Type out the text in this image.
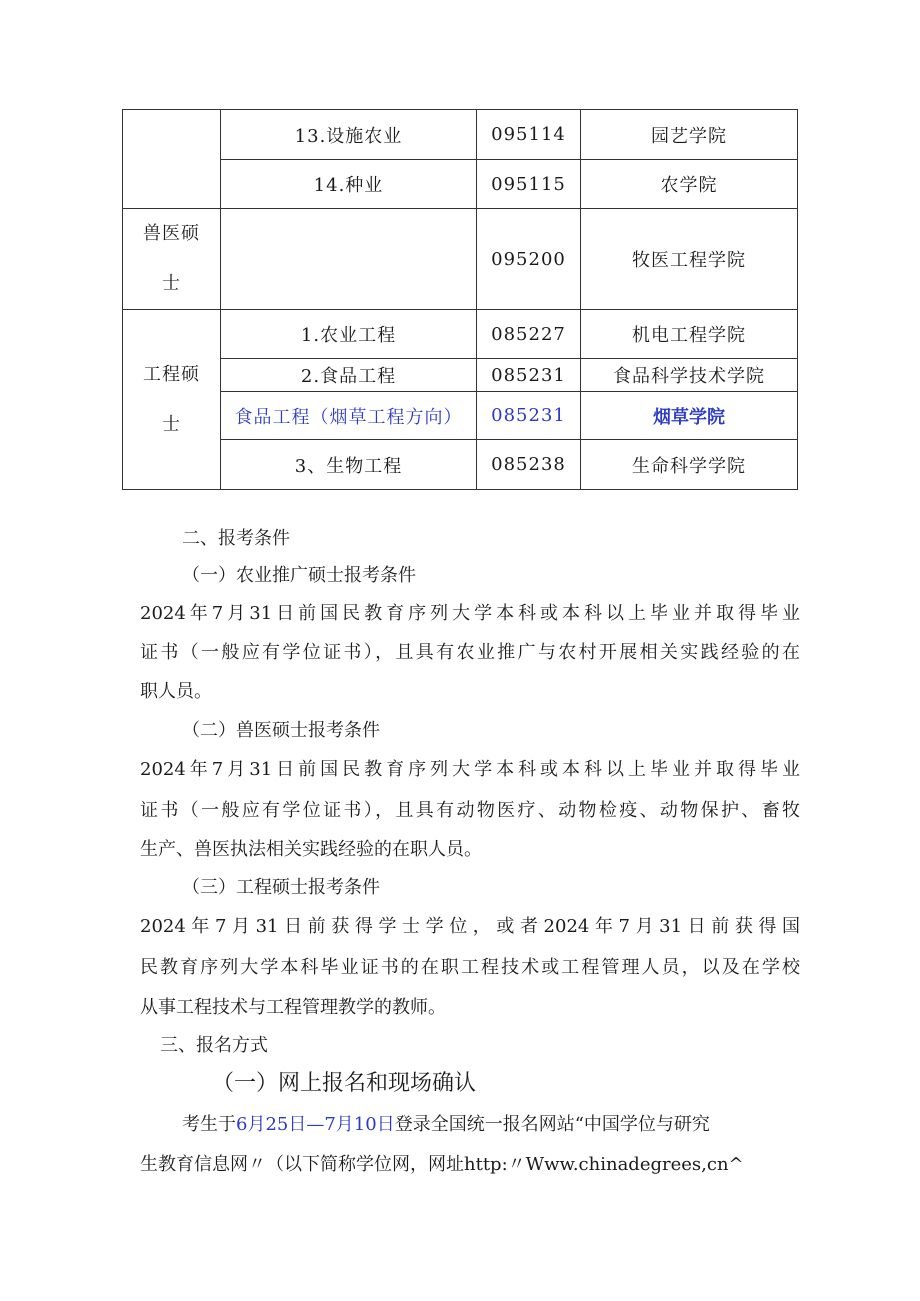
	13.设施农业	095114	园艺学院
	14.种业	095115	农学院

兽医硕
士		095200	牧医工程学院

工程硕
士	1.农业工程	085227	机电工程学院
	2.食品工程	085231	食品科学技术学院
	食品工程（烟草工程方向）	085231	烟草学院
	3、生物工程	085238	生命科学学院
二、报考条件
（一）农业推广硕士报考条件
2024年7月31日前国民教育序列大学本科或本科以上毕业并取得毕业
证书（一般应有学位证书），且具有农业推广与农村开展相关实践经验的在
职人员。
（二）兽医硕士报考条件
2024年7月31日前国民教育序列大学本科或本科以上毕业并取得毕业
证书（一般应有学位证书），且具有动物医疗、动物检疫、动物保护、畜牧
生产、兽医执法相关实践经验的在职人员。
（三）工程硕士报考条件
2024年7月31日前获得学士学位，或者2024年7月31日前获得国
民教育序列大学本科毕业证书的在职工程技术或工程管理人员，以及在学校
从事工程技术与工程管理教学的教师。
三、报名方式
（一）网上报名和现场确认
考生于6月25日—7月10日登录全国统一报名网站“中国学位与研究
生教育信息网〃（以下简称学位网，网址http:〃Www.chinadegrees,cn^
